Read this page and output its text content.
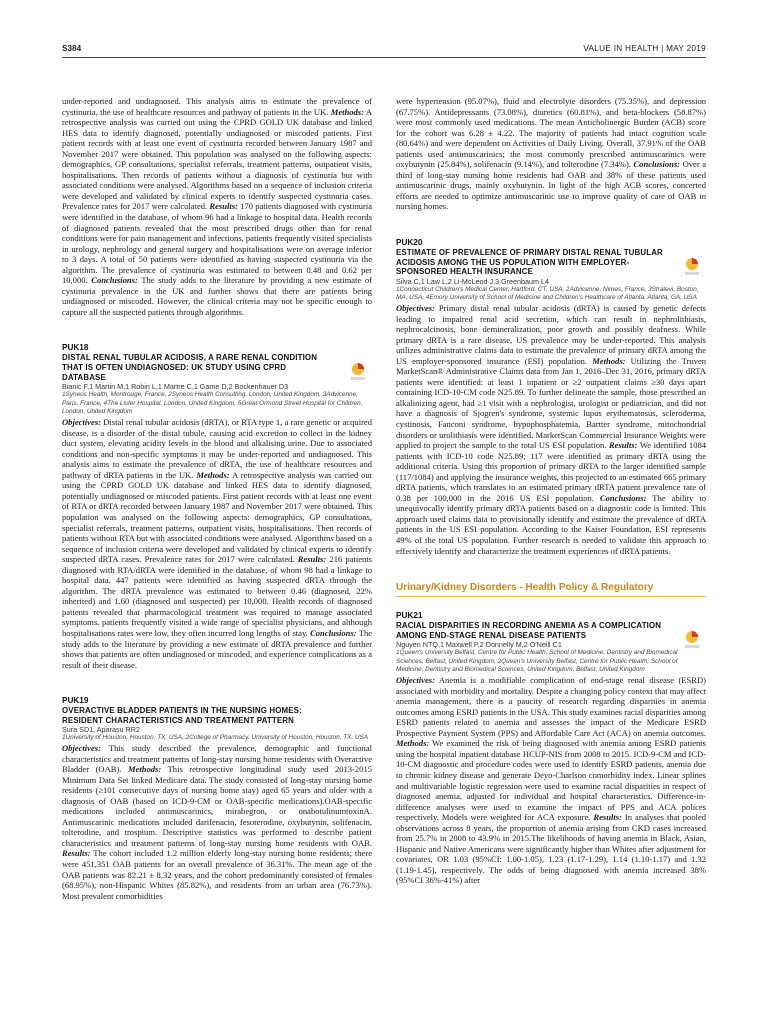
S384	VALUE IN HEALTH | MAY 2019

under-reported and undiagnosed. This analysis aims to estimate the prevalence of cystinuria, the use of healthcare resources and pathway of patients in the UK. Methods: A retrospective analysis was carried out using the CPRD GOLD UK database and linked HES data to identify diagnosed, potentially undiagnosed or miscoded patients. First patient records with at least one event of cystinuria recorded between January 1987 and November 2017 were obtained. This population was analysed on the following aspects: demographics, GP consultations, specialist referrals, treatment patterns, outpatient visits, hospitalisations. Then records of patients without a diagnosis of cystinuria but with associated conditions were analysed. Algorithms based on a sequence of inclusion criteria were developed and validated by clinical experts to identify suspected cystinuria cases. Prevalence rates for 2017 were calculated. Results: 170 patients diagnosed with cystinuria were identified in the database, of whom 96 had a linkage to hospital data. Health records of diagnosed patients revealed that the most prescribed drugs other than for renal conditions were for pain management and infections, patients frequently visited specialists in urology, nephrology and general surgery and hospitalisations were on average inferior to 3 days. A total of 50 patients were identified as having suspected cystinuria via the algorithm. The prevalence of cystinuria was estimated to between 0.48 and 0.62 per 10,000. Conclusions: The study adds to the literature by providing a new estimate of cystinuria prevalence in the UK and further shows that there are patients being undiagnosed or miscoded. However, the clinical criteria may not be specific enough to capture all the suspected patients through algorithms.

PUK18
DISTAL RENAL TUBULAR ACIDOSIS, A RARE RENAL CONDITION THAT IS OFTEN UNDIAGNOSED: UK STUDY USING CPRD DATABASE
Bianic F,1 Martin M,1 Robin L,1 Martre C,1 Game D,2 Bockenhauer D3
1Syneos Health, Montrouge, France, 2Syneos Health Consulting, London, United Kingdom, 3Advicenne, Paris, France, 4The Lister Hospital, London, United Kingdom, 5Great Ormond Street Hospital for Children, London, United Kingdom

Objectives: Distal renal tubular acidosis (dRTA), or RTA type 1, a rare genetic or acquired disease, is a disorder of the distal tubule, causing acid excretion to collect in the kidney duct system, elevating acidity levels in the blood and alkalising urine. Due to associated conditions and non-specific symptoms it may be under-reported and undiagnosed. This analysis aims to estimate the prevalence of dRTA, the use of healthcare resources and pathway of dRTA patients in the UK. Methods: A retrospective analysis was carried out using the CPRD GOLD UK database and linked HES data to identify diagnosed, potentially undiagnosed or miscoded patients. First patient records with at least one event of RTA or dRTA recorded between January 1987 and November 2017 were obtained. This population was analysed on the following aspects: demographics, GP consultations, specialist referrals, treatment patterns, outpatient visits, hospitalisations. Then records of patients without RTA but with associated conditions were analysed. Algorithms based on a sequence of inclusion criteria were developed and validated by clinical experts to identify suspected dRTA cases. Prevalence rates for 2017 were calculated. Results: 216 patients diagnosed with RTA/dRTA were identified in the database, of whom 98 had a linkage to hospital data. 447 patients were identified as having suspected dRTA through the algorithm. The dRTA prevalence was estimated to between 0.46 (diagnosed, 22% inherited) and 1.60 (diagnosed and suspected) per 10,000. Health records of diagnosed patients revealed that pharmacological treatment was required to manage associated symptoms, patients frequently visited a wide range of specialist physicians, and although hospitalisations rates were low, they often incurred long lengths of stay. Conclusions: The study adds to the literature by providing a new estimate of dRTA prevalence and further shows that patients are often undiagnosed or miscoded, and experience complications as a result of their disease.

PUK19
OVERACTIVE BLADDER PATIENTS IN THE NURSING HOMES: RESIDENT CHARACTERISTICS AND TREATMENT PATTERN
Sura SD1, Aparasu RR2
1University of Houston, Houston, TX, USA, 2College of Pharmacy, University of Houston, Houston, TX, USA

Objectives: This study described the prevalence, demographic and functional characteristics and treatment patterns of long-stay nursing home residents with Overactive Bladder (OAB). Methods: This retrospective longitudinal study used 2013-2015 Minimum Data Set linked Medicare data. The study consisted of long-stay nursing home residents (≥101 consecutive days of nursing home stay) aged 65 years and older with a diagnosis of OAB (based on ICD-9-CM or OAB-specific medications).OAB-specific medications included antimuscarinics, mirabegron, or onabotulinumtoxinA. Antimuscarinic medications included darifenacin, fesoterodine, oxybutynin, solifenacin, tolterodine, and trospium. Descriptive statistics was performed to describe patient characteristics and treatment patterns of long-stay nursing home residents with OAB. Results: The cohort included 1.2 million elderly long-stay nursing home residents; there were 451,351 OAB patients for an overall prevalence of 36.31%. The mean age of the OAB patients was 82.21 ± 8.32 years, and the cohort predominantly consisted of females (68.95%), non-Hispanic Whites (85.82%), and residents from an urban area (76.73%). Most prevalent comorbidities

were hypertension (95.07%), fluid and electrolyte disorders (75.35%), and depression (67.75%). Antidepressants (73.08%), diuretics (60.81%), and beta-blockers (58.87%) were most commonly used medications. The mean Anticholinergic Burden (ACB) score for the cohort was 6.28 ± 4.22. The majority of patients had intact cognition scale (80.64%) and were dependent on Activities of Daily Living. Overall, 37.91% of the OAB patients used antimuscarinics; the most commonly prescribed antimuscarinics were oxybutynin (25.84%), solifenacin (9.14%), and tolterodine (7.34%). Conclusions: Over a third of long-stay nursing home residents had OAB and 38% of these patients used antimuscarinic drugs, mainly oxybutynin. In light of the high ACB scores, concerted efforts are needed to optimize antimuscarinic use to improve quality of care of OAB in nursing homes.

PUK20
ESTIMATE OF PREVALENCE OF PRIMARY DISTAL RENAL TUBULAR ACIDOSIS AMONG THE US POPULATION WITH EMPLOYER-SPONSORED HEALTH INSURANCE
Silva C,1 Law L,2 Li-McLeod J,3 Greenbaum L4
1Connecticut Children's Medical Center, Hartford, CT, USA, 2Advicenne, Nimes, France, 3Stratevi, Boston, MA, USA, 4Emory University of School of Medicine and Children's Healthcare of Atlanta, Atlanta, GA, USA

Objectives: Primary distal renal tubular acidosis (dRTA) is caused by genetic defects leading to impaired renal acid secretion, which can result in nephrolithiasis, nephrocalcinosis, bone demineralization, poor growth and possibly deafness. While primary dRTA is a rare disease, US prevalence may be under-reported. This analysis utilizes administrative claims data to estimate the prevalence of primary dRTA among the US employer-sponsored insurance (ESI) population. Methods: Utilizing the Truven MarketScan® Administrative Claims data from Jan 1, 2016–Dec 31, 2016, primary dRTA patients were identified: at least 1 inpatient or ≥2 outpatient claims ≥30 days apart containing ICD-10-CM code N25.89. To further delineate the sample, those prescribed an alkalinizing agent, had ≥1 visit with a nephrologist, urologist or pediatrician, and did not have a diagnosis of Sjogren's syndrome, systemic lupus erythematosus, scleroderma, cystinosis, Fanconi syndrome, hypophosphatemia, Bartter syndrome, mitochondrial disorders or urolithiasis were identified. MarketScan Commercial Insurance Weights were applied to project the sample to the total US ESI population. Results: We identified 1084 patients with ICD-10 code N25.89; 117 were identified as primary dRTA using the additional criteria. Using this proportion of primary dRTA to the larger identified sample (117/1084) and applying the insurance weights, this projected to an estimated 665 primary dRTA patients, which translates to an estimated primary dRTA patient prevalence rate of 0.38 per 100,000 in the 2016 US ESI population. Conclusions: The ability to unequivocally identify primary dRTA patients based on a diagnostic code is limited. This approach used claims data to provisionally identify and estimate the prevalence of dRTA patients in the US ESI population. According to the Kaiser Foundation, ESI represents 49% of the total US population. Further research is needed to validate this approach to effectively identify and characterize the treatment experiences of dRTA patients.

Urinary/Kidney Disorders - Health Policy & Regulatory
PUK21
RACIAL DISPARITIES IN RECORDING ANEMIA AS A COMPLICATION AMONG END-STAGE RENAL DISEASE PATIENTS
Nguyen NTQ,1 Maxwell P,2 Donnelly M,2 O'Neill C1
1Queen's University Belfast, Centre for Public Health, School of Medicine, Dentistry and Biomedical Sciences, Belfast, United Kingdom, 2Queen's University Belfast, Centre for Public Health, School of Medicine, Dentistry and Biomedical Sciences, United Kingdom, Belfast, United Kingdom

Objectives: Anemia is a modifiable complication of end-stage renal disease (ESRD) associated with morbidity and mortality. Despite a changing policy context that may affect anemia management, there is a paucity of research regarding disparities in anemia outcomes among ESRD patients in the USA. This study examines racial disparities among ESRD patients related to anemia and assesses the impact of the Medicare ESRD Prospective Payment System (PPS) and Affordable Care Act (ACA) on anemia outcomes. Methods: We examined the risk of being diagnosed with anemia among ESRD patients using the hospital inpatient database HCUP-NIS from 2008 to 2015. ICD-9-CM and ICD-10-CM diagnostic and procedure codes were used to identify ESRD patients, anemia due to chronic kidney disease and generate Deyo-Charlson comorbidity index. Linear splines and multivariable logistic regression were used to examine racial disparities in respect of diagnosed anemia, adjusted for individual and hospital characteristics. Difference-in-difference analyses were used to examine the impact of PPS and ACA polices respectively. Models were weighted for ACA exposure. Results: In analyses that pooled observations across 8 years, the proportion of anemia arising from CKD cases increased from 25.7% in 2008 to 43.9% in 2015.The likelihoods of having anemia in Black, Asian, Hispanic and Native Americans were significantly higher than Whites after adjustment for covariates, OR 1.03 (95%CI: 1.00-1.05), 1.23 (1.17-1.29), 1.14 (1.10-1.17) and 1.32 (1.19-1.45), respectively. The odds of being diagnosed with anemia increased 38% (95%CI 36%-41%) after
